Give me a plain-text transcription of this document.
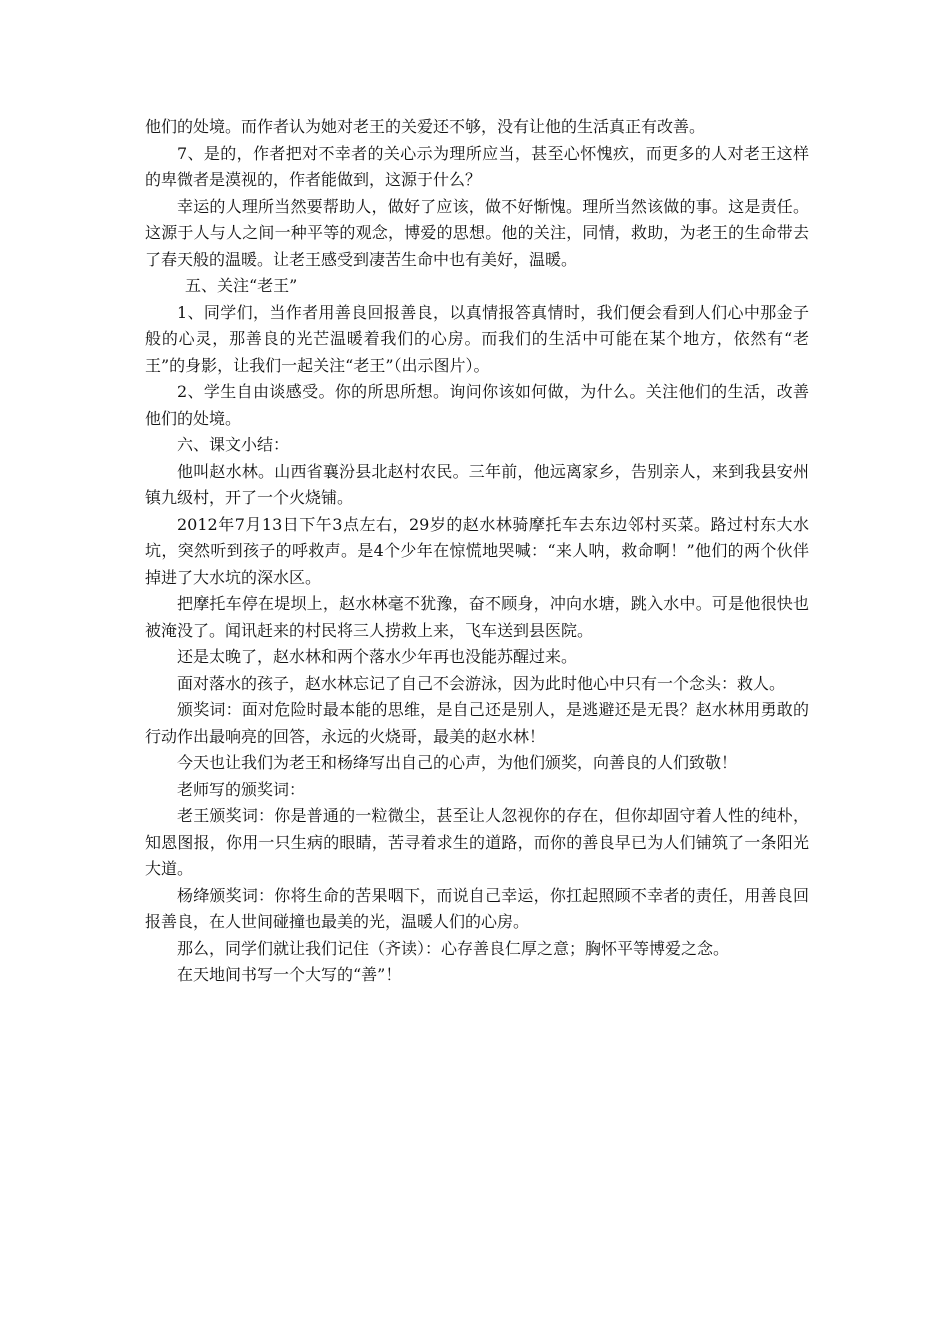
他们的处境。而作者认为她对老王的关爱还不够，没有让他的生活真正有改善。

7、是的，作者把对不幸者的关心示为理所应当，甚至心怀愧疚，而更多的人对老王这样的卑微者是漠视的，作者能做到，这源于什么？

幸运的人理所当然要帮助人，做好了应该，做不好惭愧。理所当然该做的事。这是责任。这源于人与人之间一种平等的观念，博爱的思想。他的关注，同情，救助，为老王的生命带去了春天般的温暖。让老王感受到凄苦生命中也有美好，温暖。

五、关注“老王”

1、同学们，当作者用善良回报善良，以真情报答真情时，我们便会看到人们心中那金子般的心灵，那善良的光芒温暖着我们的心房。而我们的生活中可能在某个地方，依然有“老王”的身影，让我们一起关注“老王”（出示图片）。

2、学生自由谈感受。你的所思所想。询问你该如何做，为什么。关注他们的生活，改善他们的处境。

六、课文小结：

他叫赵水林。山西省襄汾县北赵村农民。三年前，他远离家乡，告别亲人，来到我县安州镇九级村，开了一个火烧铺。

2012年7月13日下午3点左右，29岁的赵水林骑摩托车去东边邻村买菜。路过村东大水坑，突然听到孩子的呼救声。是4个少年在惊慌地哭喊：“来人呐，救命啊！”他们的两个伙伴掉进了大水坑的深水区。

把摩托车停在堤坝上，赵水林毫不犹豫，奋不顾身，冲向水塘，跳入水中。可是他很快也被淹没了。闻讯赶来的村民将三人捞救上来，飞车送到县医院。

还是太晚了，赵水林和两个落水少年再也没能苏醒过来。

面对落水的孩子，赵水林忘记了自己不会游泳，因为此时他心中只有一个念头：救人。

颁奖词：面对危险时最本能的思维，是自己还是别人，是逃避还是无畏？赵水林用勇敢的行动作出最响亮的回答，永远的火烧哥，最美的赵水林！

今天也让我们为老王和杨绛写出自己的心声，为他们颁奖，向善良的人们致敬！

老师写的颁奖词：

老王颁奖词：你是普通的一粒微尘，甚至让人忽视你的存在，但你却固守着人性的纯朴，知恩图报，你用一只生病的眼睛，苦寻着求生的道路，而你的善良早已为人们铺筑了一条阳光大道。

杨绛颁奖词：你将生命的苦果咽下，而说自己幸运，你扛起照顾不幸者的责任，用善良回报善良，在人世间碰撞也最美的光，温暖人们的心房。

那么，同学们就让我们记住（齐读）：心存善良仁厚之意；胸怀平等博爱之念。

在天地间书写一个大写的“善”！
